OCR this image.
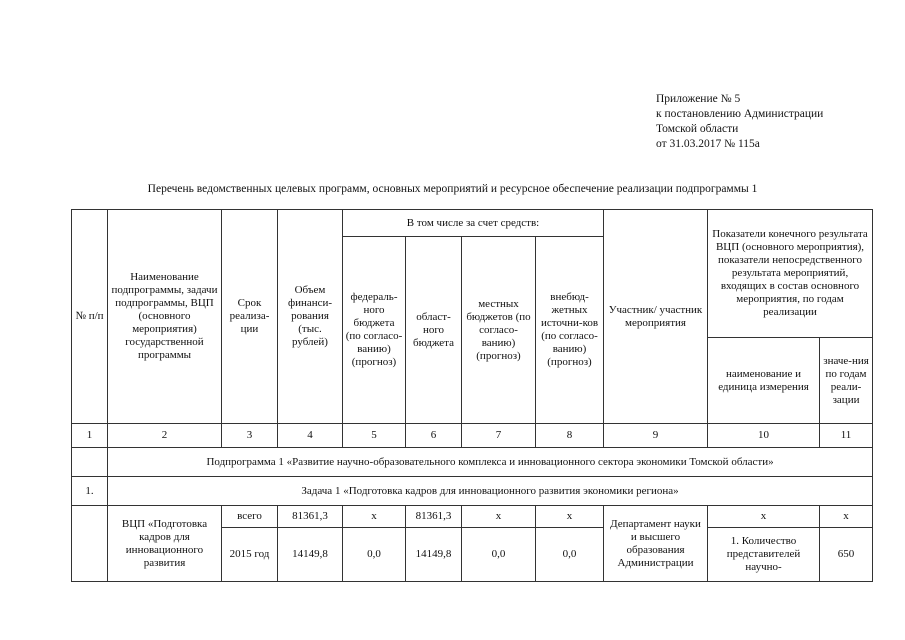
Приложение № 5
к постановлению Администрации
Томской области
от 31.03.2017 № 115а
Перечень ведомственных целевых программ, основных мероприятий и ресурсное обеспечение реализации подпрограммы 1
№ п/п	Наименование подпрограммы, задачи подпрограммы, ВЦП (основного мероприятия) государственной программы	Срок реализа-ции	Объем финанси-рования (тыс. рублей)	В том числе за счет средств:				Участник/ участник мероприятия	Показатели конечного результата ВЦП (основного мероприятия), показатели непосредственного результата мероприятий, входящих в состав основного мероприятия, по годам реализации	
				федераль-ного бюджета (по согласо-ванию) (прогноз)	област-ного бюджета	местных бюджетов (по согласо-ванию) (прогноз)	внебюд-жетных источни-ков (по согласо-ванию) (прогноз)			
									наименование и единица измерения	значе-ния по годам реали-зации
1	2	3	4	5	6	7	8	9	10	11
	Подпрограмма 1 «Развитие научно-образовательного комплекса и инновационного сектора экономики Томской области»									
1.	Задача 1 «Подготовка кадров для инновационного развития экономики региона»									
	ВЦП «Подготовка кадров для инновационного развития	всего	81361,3	х	81361,3	х	х	Департамент науки и высшего образования Администрации	х	х
		2015 год	14149,8	0,0	14149,8	0,0	0,0		1. Количество представителей научно-	650
